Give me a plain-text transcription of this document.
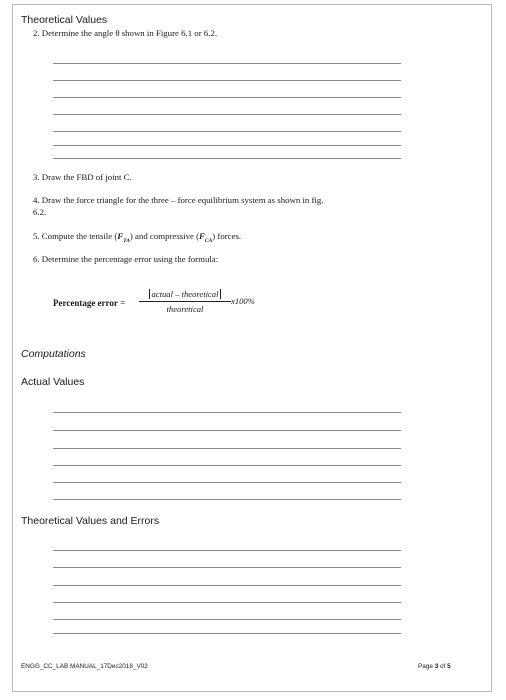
Theoretical Values
2. Determine the angle θ shown in Figure 6.1 or 6.2.
3. Draw the FBD of joint C.
4. Draw the force triangle for the three – force equilibrium system as shown in fig.
6.2.
5. Compute the tensile $(F_{TA})$ and compressive $(F_{CA})$ forces.
6. Determine the percentage error using the formula:
Percentage error =
actual – theoretical
theoretical
x100%
Computations
Actual Values
Theoretical Values and Errors
ENGG_CC_LAB MANUAL_17Dec2018_V02	Page 3 of 5
